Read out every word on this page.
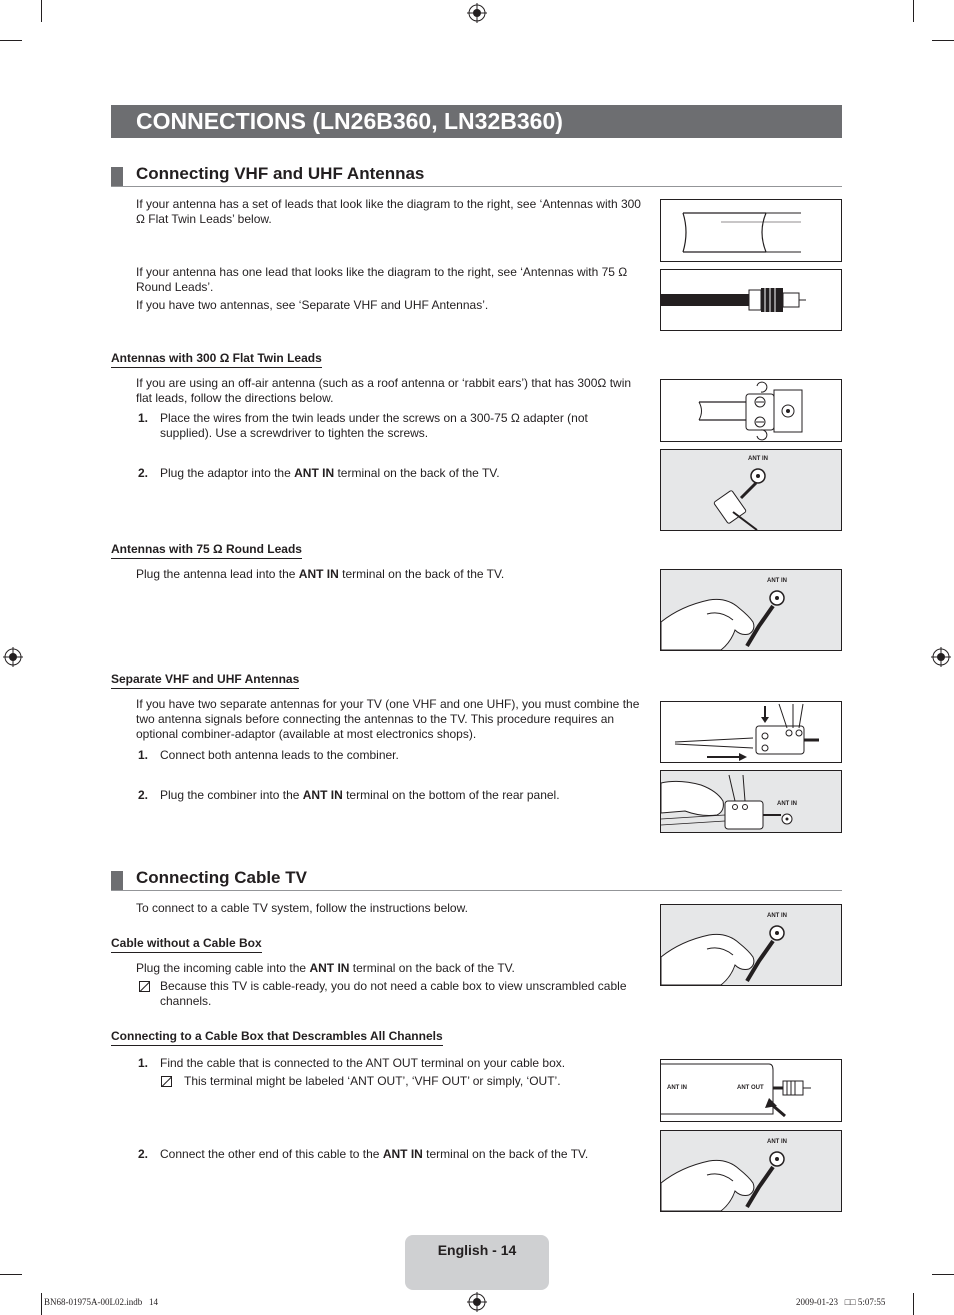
CONNECTIONS (LN26B360, LN32B360)
Connecting VHF and UHF Antennas
If your antenna has a set of leads that look like the diagram to the right, see ‘Antennas with 300 Ω Flat Twin Leads’ below.
If your antenna has one lead that looks like the diagram to the right, see ‘Antennas with 75 Ω Round Leads’.
If you have two antennas, see ‘Separate VHF and UHF Antennas’.
Antennas with 300 Ω Flat Twin Leads
If you are using an off-air antenna (such as a roof antenna or ‘rabbit ears’) that has 300Ω twin flat leads, follow the directions below.
1. Place the wires from the twin leads under the screws on a 300-75 Ω adapter (not supplied). Use a screwdriver to tighten the screws.
2. Plug the adaptor into the ANT IN terminal on the back of the TV.
ANT IN
Antennas with 75 Ω Round Leads
Plug the antenna lead into the ANT IN terminal on the back of the TV.	ANT IN
Separate VHF and UHF Antennas
If you have two separate antennas for your TV (one VHF and one UHF), you must combine the two antenna signals before connecting the antennas to the TV. This procedure requires an optional combiner-adaptor (available at most electronics shops).
1. Connect both antenna leads to the combiner.
2. Plug the combiner into the ANT IN terminal on the bottom of the rear panel.
ANT IN
Connecting Cable TV
To connect to a cable TV system, follow the instructions below.
ANT IN
Cable without a Cable Box
Plug the incoming cable into the ANT IN terminal on the back of the TV.
Because this TV is cable-ready, you do not need a cable box to view unscrambled cable channels.
Connecting to a Cable Box that Descrambles All Channels
1. Find the cable that is connected to the ANT OUT terminal on your cable box.
This terminal might be labeled ‘ANT OUT’, ‘VHF OUT’ or simply, ‘OUT’.
2. Connect the other end of this cable to the ANT IN terminal on the back of the TV.
ANT IN	ANT OUT
ANT IN
English - 14
BN68-01975A-00L02.indb   14	2009-01-23   □□ 5:07:55
